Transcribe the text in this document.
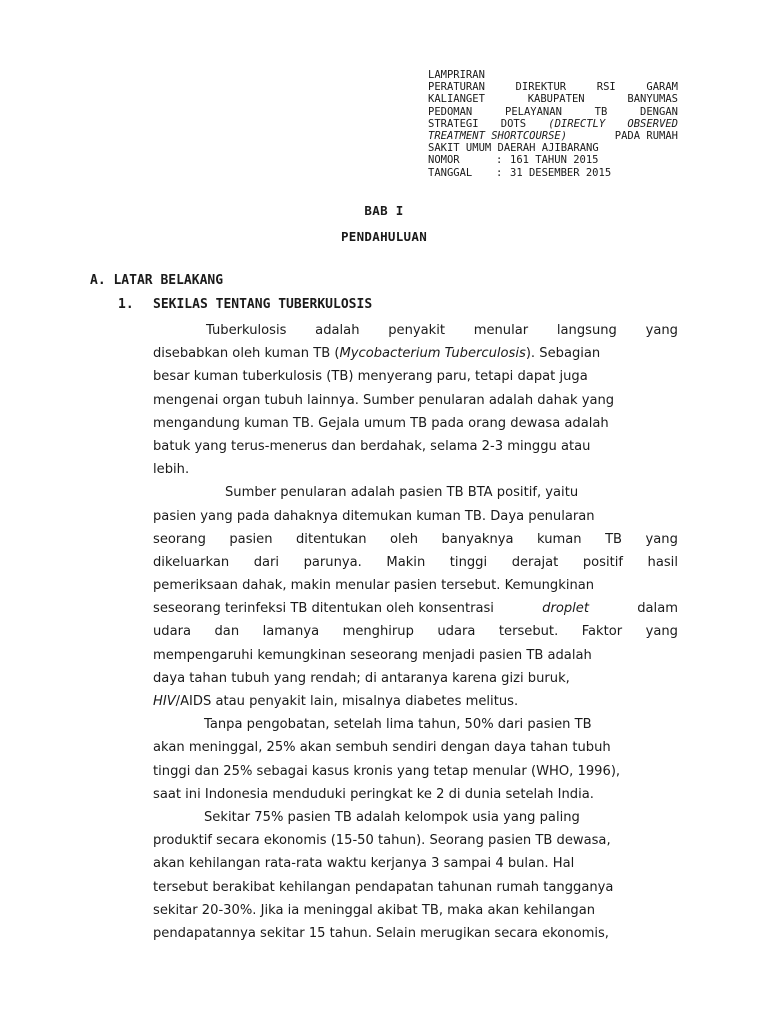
LAMPRIRAN
PERATURAN	DIREKTUR	RSI	GARAM
KALIANGET	KABUPATEN	BANYUMAS
PEDOMAN	PELAYANAN	TB	DENGAN
STRATEGI DOTS (DIRECTLY OBSERVED
TREATMENT SHORTCOURSE)	PADA RUMAH
SAKIT UMUM DAERAH AJIBARANG
NOMOR	: 161 TAHUN 2015
TANGGAL	: 31 DESEMBER 2015
BAB I
PENDAHULUAN
A. LATAR BELAKANG
1.	SEKILAS TENTANG TUBERKULOSIS
Tuberkulosis adalah penyakit menular langsung yang
disebabkan oleh kuman TB (Mycobacterium Tuberculosis). Sebagian
besar kuman tuberkulosis (TB) menyerang paru, tetapi dapat juga
mengenai organ tubuh lainnya. Sumber penularan adalah dahak yang
mengandung kuman TB. Gejala umum TB pada orang dewasa adalah
batuk yang terus-menerus dan berdahak, selama 2-3 minggu atau
lebih.
Sumber penularan adalah pasien TB BTA positif, yaitu
pasien yang pada dahaknya ditemukan kuman TB. Daya penularan
seorang pasien ditentukan oleh banyaknya kuman TB yang
dikeluarkan dari parunya. Makin tinggi derajat positif hasil
pemeriksaan dahak, makin menular pasien tersebut. Kemungkinan
seseorang terinfeksi TB ditentukan oleh konsentrasi	droplet	dalam
udara dan lamanya menghirup udara tersebut. Faktor yang
mempengaruhi kemungkinan seseorang menjadi pasien TB adalah
daya tahan tubuh yang rendah; di antaranya karena gizi buruk,
HIV/AIDS atau penyakit lain, misalnya diabetes melitus.
Tanpa pengobatan, setelah lima tahun, 50% dari pasien TB
akan meninggal, 25% akan sembuh sendiri dengan daya tahan tubuh
tinggi dan 25% sebagai kasus kronis yang tetap menular (WHO, 1996),
saat ini Indonesia menduduki peringkat ke 2 di dunia setelah India.
Sekitar 75% pasien TB adalah kelompok usia yang paling
produktif secara ekonomis (15-50 tahun). Seorang pasien TB dewasa,
akan kehilangan rata-rata waktu kerjanya 3 sampai 4 bulan. Hal
tersebut berakibat kehilangan pendapatan tahunan rumah tangganya
sekitar 20-30%. Jika ia meninggal akibat TB, maka akan kehilangan
pendapatannya sekitar 15 tahun. Selain merugikan secara ekonomis,
